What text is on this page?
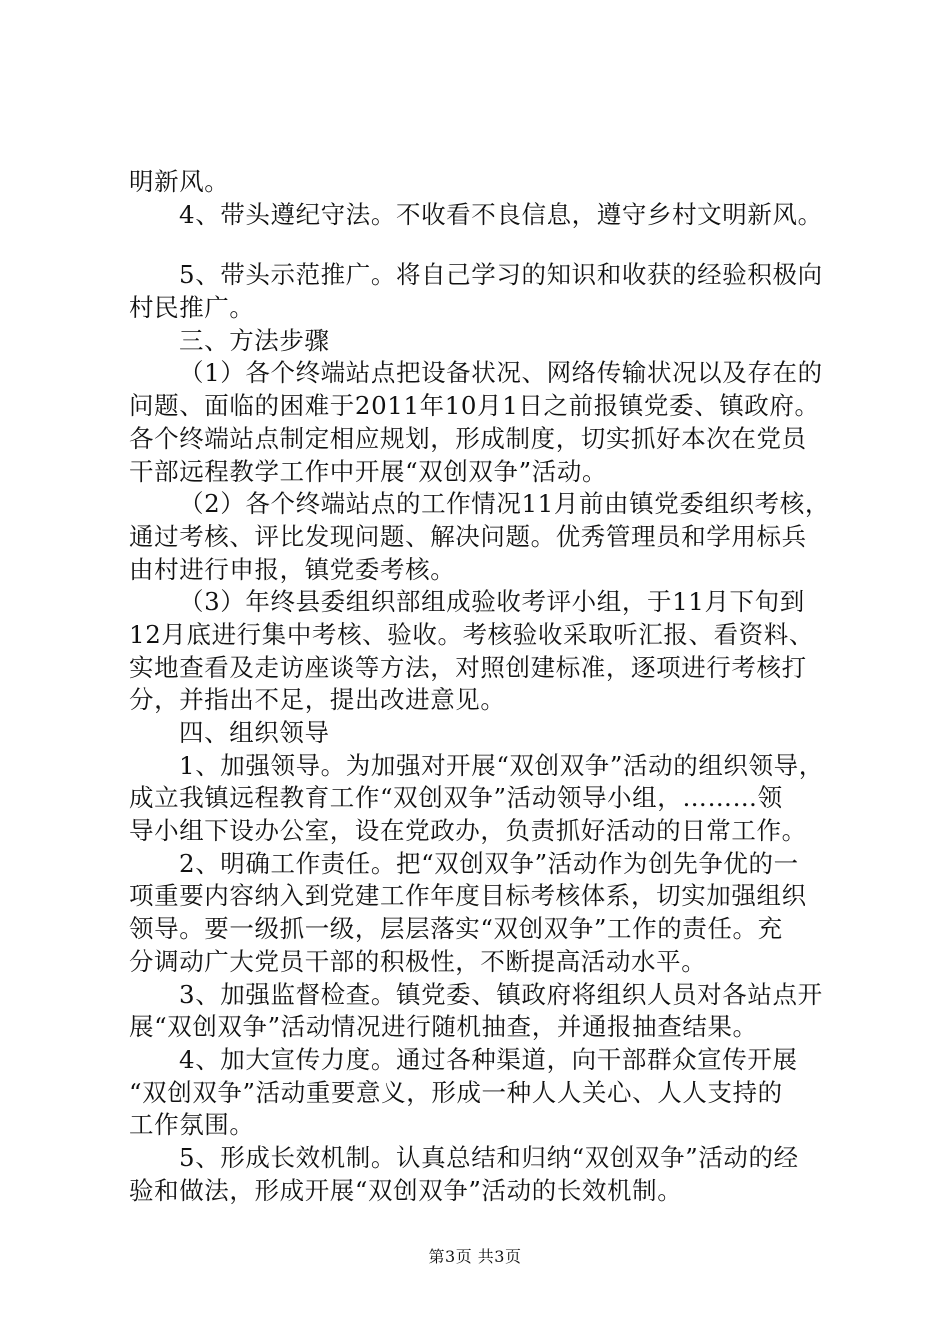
明新风。
4、带头遵纪守法。不收看不良信息，遵守乡村文明新风。
5、带头示范推广。将自己学习的知识和收获的经验积极向
村民推广。
三、方法步骤
（1）各个终端站点把设备状况、网络传输状况以及存在的
问题、面临的困难于2011年10月1日之前报镇党委、镇政府。
各个终端站点制定相应规划，形成制度，切实抓好本次在党员
干部远程教学工作中开展“双创双争”活动。
（2）各个终端站点的工作情况11月前由镇党委组织考核，
通过考核、评比发现问题、解决问题。优秀管理员和学用标兵
由村进行申报，镇党委考核。
（3）年终县委组织部组成验收考评小组，于11月下旬到
12月底进行集中考核、验收。考核验收采取听汇报、看资料、
实地查看及走访座谈等方法，对照创建标准，逐项进行考核打
分，并指出不足，提出改进意见。
四、组织领导
1、加强领导。为加强对开展“双创双争”活动的组织领导，
成立我镇远程教育工作“双创双争”活动领导小组，………领
导小组下设办公室，设在党政办，负责抓好活动的日常工作。
2、明确工作责任。把“双创双争”活动作为创先争优的一
项重要内容纳入到党建工作年度目标考核体系，切实加强组织
领导。要一级抓一级，层层落实“双创双争”工作的责任。充
分调动广大党员干部的积极性，不断提高活动水平。
3、加强监督检查。镇党委、镇政府将组织人员对各站点开
展“双创双争”活动情况进行随机抽查，并通报抽查结果。
4、加大宣传力度。通过各种渠道，向干部群众宣传开展
“双创双争”活动重要意义，形成一种人人关心、人人支持的
工作氛围。
5、形成长效机制。认真总结和归纳“双创双争”活动的经
验和做法，形成开展“双创双争”活动的长效机制。
第3页 共3页
